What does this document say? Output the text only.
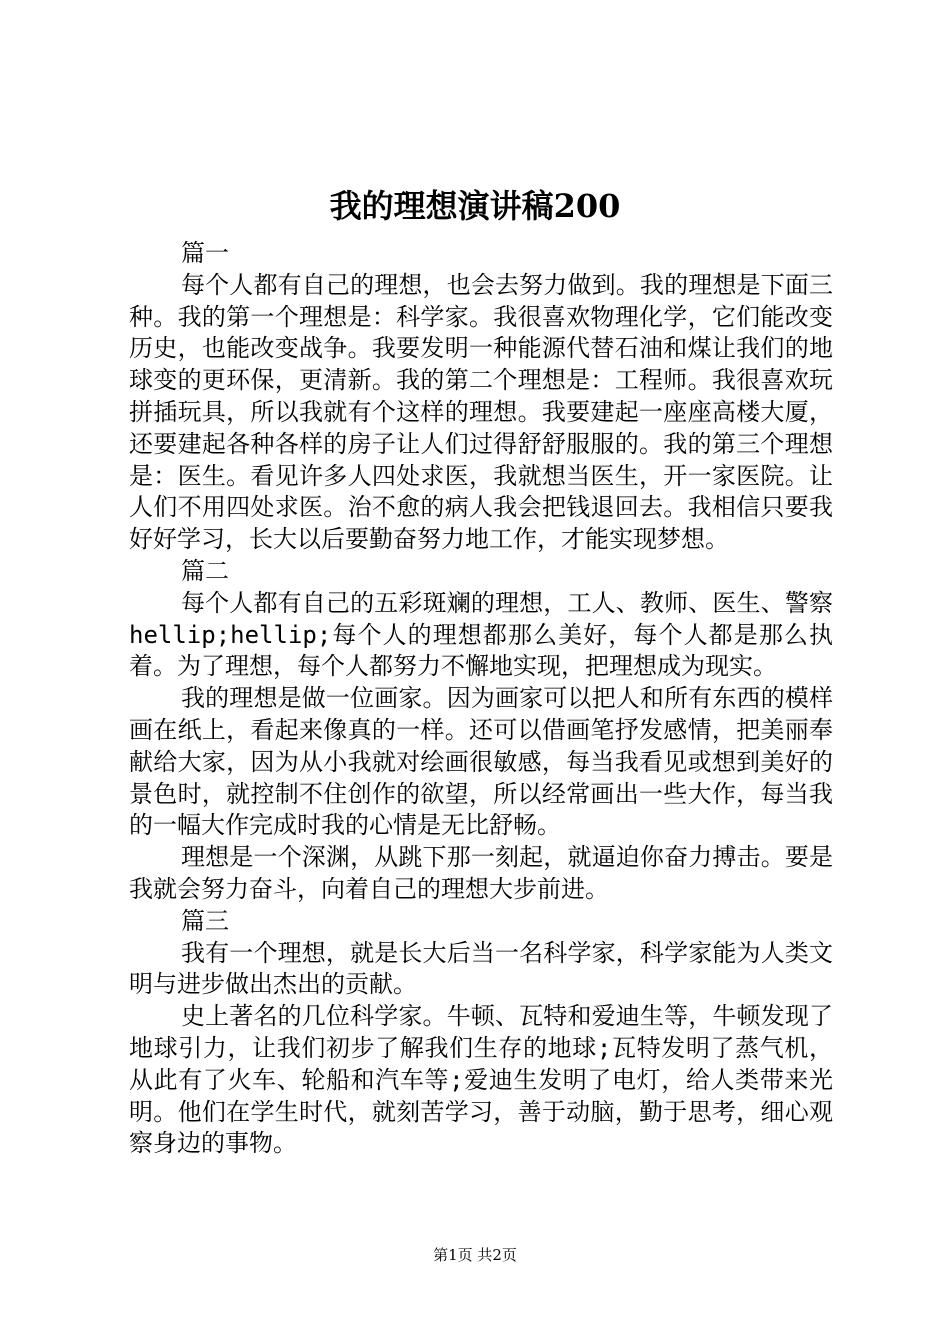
我的理想演讲稿200

篇一

每个人都有自己的理想，也会去努力做到。我的理想是下面三种。我的第一个理想是：科学家。我很喜欢物理化学，它们能改变历史，也能改变战争。我要发明一种能源代替石油和煤让我们的地球变的更环保，更清新。我的第二个理想是：工程师。我很喜欢玩拼插玩具，所以我就有个这样的理想。我要建起一座座高楼大厦，还要建起各种各样的房子让人们过得舒舒服服的。我的第三个理想是：医生。看见许多人四处求医，我就想当医生，开一家医院。让人们不用四处求医。治不愈的病人我会把钱退回去。我相信只要我好好学习，长大以后要勤奋努力地工作，才能实现梦想。

篇二

每个人都有自己的五彩斑斓的理想，工人、教师、医生、警察hellip;hellip;每个人的理想都那么美好，每个人都是那么执着。为了理想，每个人都努力不懈地实现，把理想成为现实。

我的理想是做一位画家。因为画家可以把人和所有东西的模样画在纸上，看起来像真的一样。还可以借画笔抒发感情，把美丽奉献给大家，因为从小我就对绘画很敏感，每当我看见或想到美好的景色时，就控制不住创作的欲望，所以经常画出一些大作，每当我的一幅大作完成时我的心情是无比舒畅。

理想是一个深渊，从跳下那一刻起，就逼迫你奋力搏击。要是我就会努力奋斗，向着自己的理想大步前进。

篇三

我有一个理想，就是长大后当一名科学家，科学家能为人类文明与进步做出杰出的贡献。

史上著名的几位科学家。牛顿、瓦特和爱迪生等，牛顿发现了地球引力，让我们初步了解我们生存的地球;瓦特发明了蒸气机，从此有了火车、轮船和汽车等;爱迪生发明了电灯，给人类带来光明。他们在学生时代，就刻苦学习，善于动脑，勤于思考，细心观察身边的事物。

第1页 共2页
